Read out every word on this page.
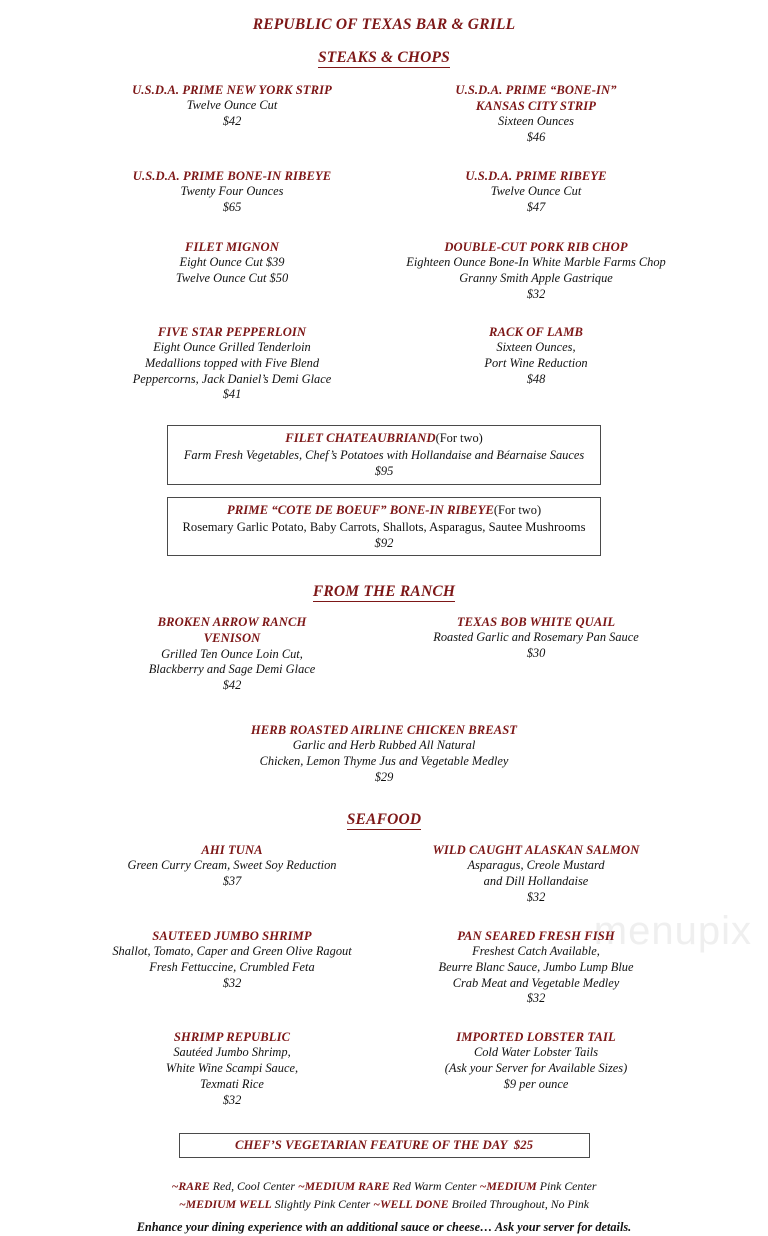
menupix
REPUBLIC OF TEXAS BAR & GRILL
STEAKS & CHOPS
U.S.D.A. PRIME NEW YORK STRIP
Twelve Ounce Cut
$42
U.S.D.A. PRIME “BONE-IN”
KANSAS CITY STRIP
Sixteen Ounces
$46
U.S.D.A. PRIME BONE-IN RIBEYE
Twenty Four Ounces
$65
U.S.D.A. PRIME RIBEYE
Twelve Ounce Cut
$47
FILET MIGNON
Eight Ounce Cut $39
Twelve Ounce Cut $50
DOUBLE-CUT PORK RIB CHOP
Eighteen Ounce Bone-In White Marble Farms Chop
Granny Smith Apple Gastrique
$32
FIVE STAR PEPPERLOIN
Eight Ounce Grilled Tenderloin
Medallions topped with Five Blend
Peppercorns, Jack Daniel’s Demi Glace
$41
RACK OF LAMB
Sixteen Ounces,
Port Wine Reduction
$48
FILET CHATEAUBRIAND(For two)
Farm Fresh Vegetables, Chef’s Potatoes with Hollandaise and Béarnaise Sauces $95
PRIME “COTE DE BOEUF” BONE-IN RIBEYE(For two)
Rosemary Garlic Potato, Baby Carrots, Shallots, Asparagus, Sautee Mushrooms $92
FROM THE RANCH
BROKEN ARROW RANCH
VENISON
Grilled Ten Ounce Loin Cut,
Blackberry and Sage Demi Glace
$42
TEXAS BOB WHITE QUAIL
Roasted Garlic and Rosemary Pan Sauce
$30
HERB ROASTED AIRLINE CHICKEN BREAST
Garlic and Herb Rubbed All Natural
Chicken, Lemon Thyme Jus and Vegetable Medley
$29
SEAFOOD
AHI TUNA
Green Curry Cream, Sweet Soy Reduction
$37
WILD CAUGHT ALASKAN SALMON
Asparagus, Creole Mustard
and Dill Hollandaise
$32
SAUTEED JUMBO SHRIMP
Shallot, Tomato, Caper and Green Olive Ragout
Fresh Fettuccine, Crumbled Feta
$32
PAN SEARED FRESH FISH
Freshest Catch Available,
Beurre Blanc Sauce, Jumbo Lump Blue
Crab Meat and Vegetable Medley
$32
SHRIMP REPUBLIC
Sautéed Jumbo Shrimp,
White Wine Scampi Sauce,
Texmati Rice
$32
IMPORTED LOBSTER TAIL
Cold Water Lobster Tails
(Ask your Server for Available Sizes)
$9 per ounce
CHEF’S VEGETARIAN FEATURE OF THE DAY $25
~RARE Red, Cool Center ~MEDIUM RARE Red Warm Center ~MEDIUM Pink Center
~MEDIUM WELL Slightly Pink Center ~WELL DONE Broiled Throughout, No Pink
Enhance your dining experience with an additional sauce or cheese… Ask your server for details.
